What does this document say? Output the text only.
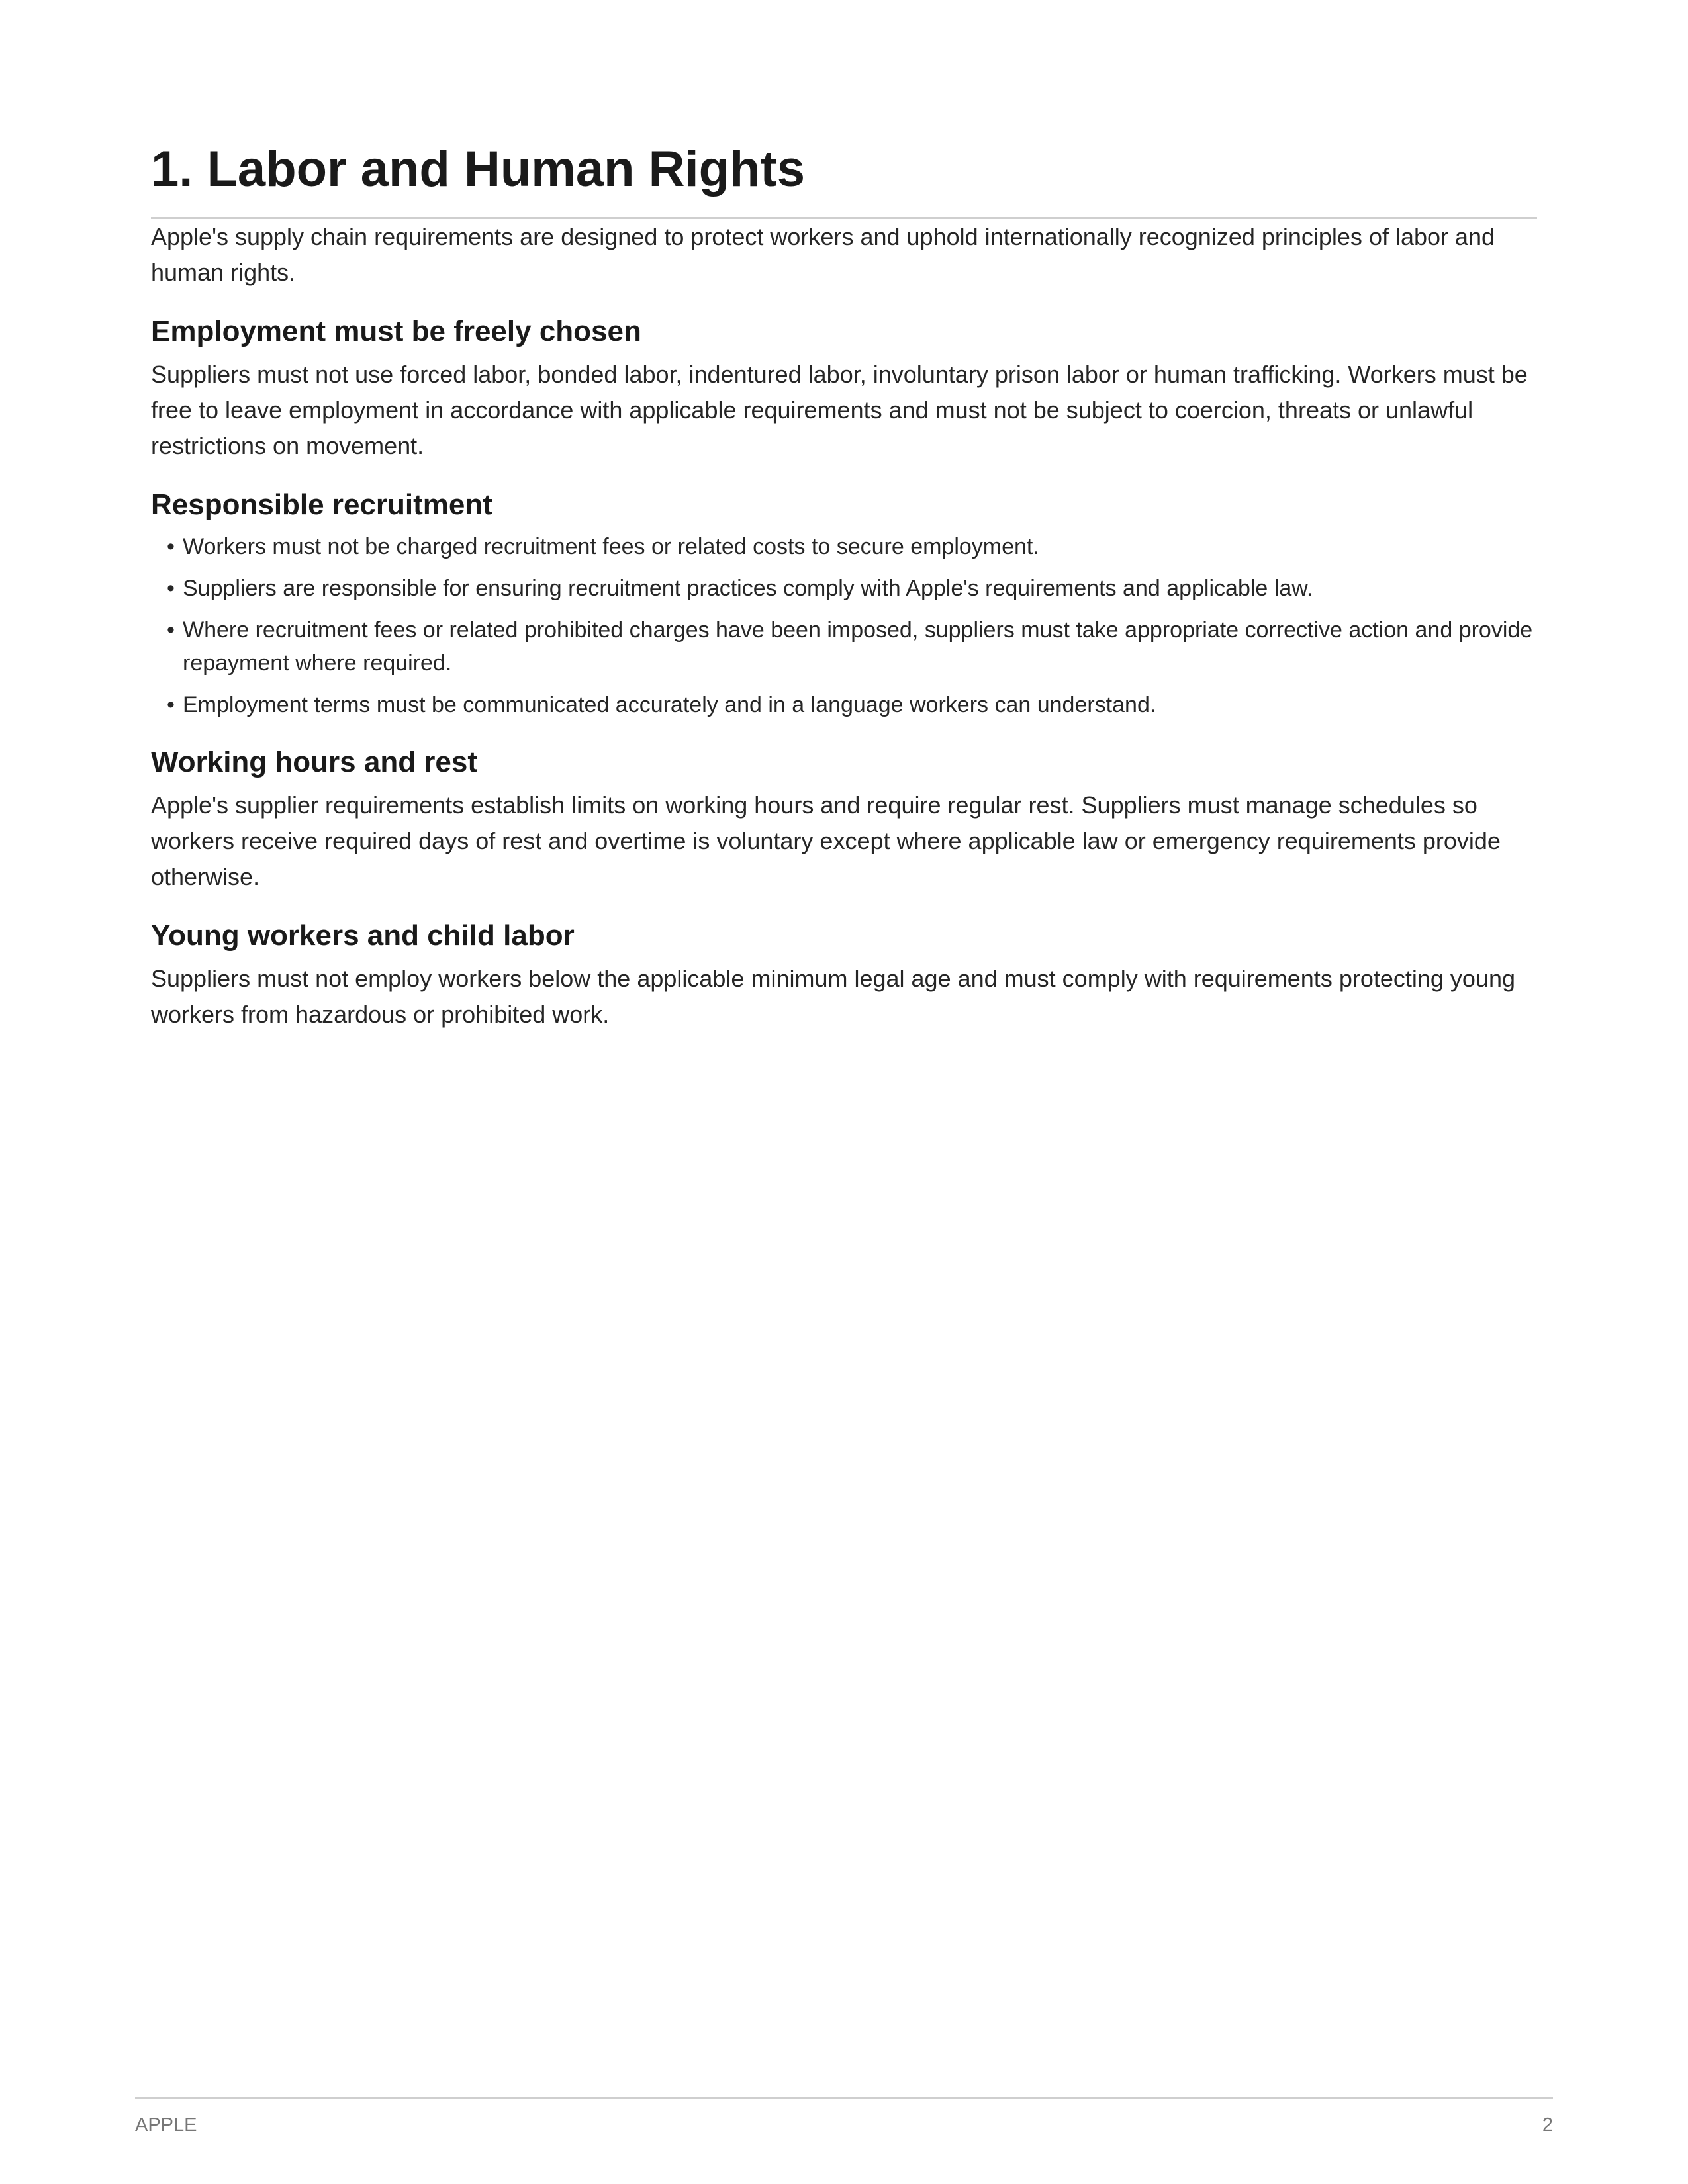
1. Labor and Human Rights

Apple's supply chain requirements are designed to protect workers and uphold internationally recognized principles of labor and human rights.

Employment must be freely chosen

Suppliers must not use forced labor, bonded labor, indentured labor, involuntary prison labor or human trafficking. Workers must be free to leave employment in accordance with applicable requirements and must not be subject to coercion, threats or unlawful restrictions on movement.

Responsible recruitment
• Workers must not be charged recruitment fees or related costs to secure employment.
• Suppliers are responsible for ensuring recruitment practices comply with Apple's requirements and applicable law.
• Where recruitment fees or related prohibited charges have been imposed, suppliers must take appropriate corrective action and provide repayment where required.
• Employment terms must be communicated accurately and in a language workers can understand.
Working hours and rest

Apple's supplier requirements establish limits on working hours and require regular rest. Suppliers must manage schedules so workers receive required days of rest and overtime is voluntary except where applicable law or emergency requirements provide otherwise.

Young workers and child labor

Suppliers must not employ workers below the applicable minimum legal age and must comply with requirements protecting young workers from hazardous or prohibited work.

APPLE	2
